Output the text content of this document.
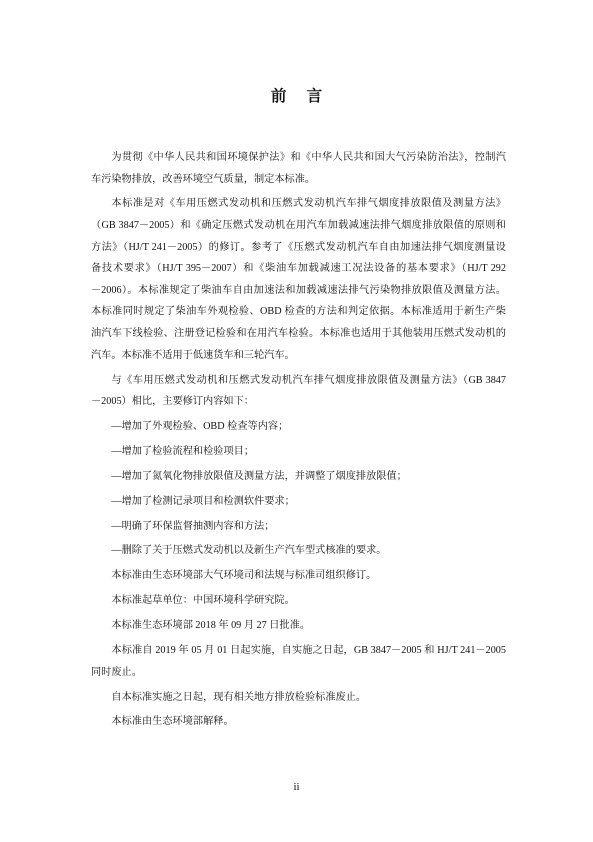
前 言
为贯彻《中华人民共和国环境保护法》和《中华人民共和国大气污染防治法》，控制汽
车污染物排放，改善环境空气质量，制定本标准。
本标准是对《车用压燃式发动机和压燃式发动机汽车排气烟度排放限值及测量方法》
（GB 3847－2005）和《确定压燃式发动机在用汽车加载减速法排气烟度排放限值的原则和
方法》（HJ/T 241－2005）的修订。参考了《压燃式发动机汽车自由加速法排气烟度测量设
备技术要求》（HJ/T 395－2007）和《柴油车加载减速工况法设备的基本要求》（HJ/T 292
－2006）。本标准规定了柴油车自由加速法和加载减速法排气污染物排放限值及测量方法。
本标准同时规定了柴油车外观检验、OBD 检查的方法和判定依据。本标准适用于新生产柴
油汽车下线检验、注册登记检验和在用汽车检验。本标准也适用于其他装用压燃式发动机的
汽车。本标准不适用于低速货车和三轮汽车。
与《车用压燃式发动机和压燃式发动机汽车排气烟度排放限值及测量方法》（GB 3847
－2005）相比，主要修订内容如下：
—增加了外观检验、OBD 检查等内容；
—增加了检验流程和检验项目；
—增加了氮氧化物排放限值及测量方法，并调整了烟度排放限值；
—增加了检测记录项目和检测软件要求；
—明确了环保监督抽测内容和方法；
—删除了关于压燃式发动机以及新生产汽车型式核准的要求。
本标准由生态环境部大气环境司和法规与标准司组织修订。
本标准起草单位：中国环境科学研究院。
本标准生态环境部 2018 年 09 月 27 日批准。
本标准自 2019 年 05 月 01 日起实施，自实施之日起，GB 3847－2005 和 HJ/T 241－2005
同时废止。
自本标准实施之日起，现有相关地方排放检验标准废止。
本标准由生态环境部解释。
ii
